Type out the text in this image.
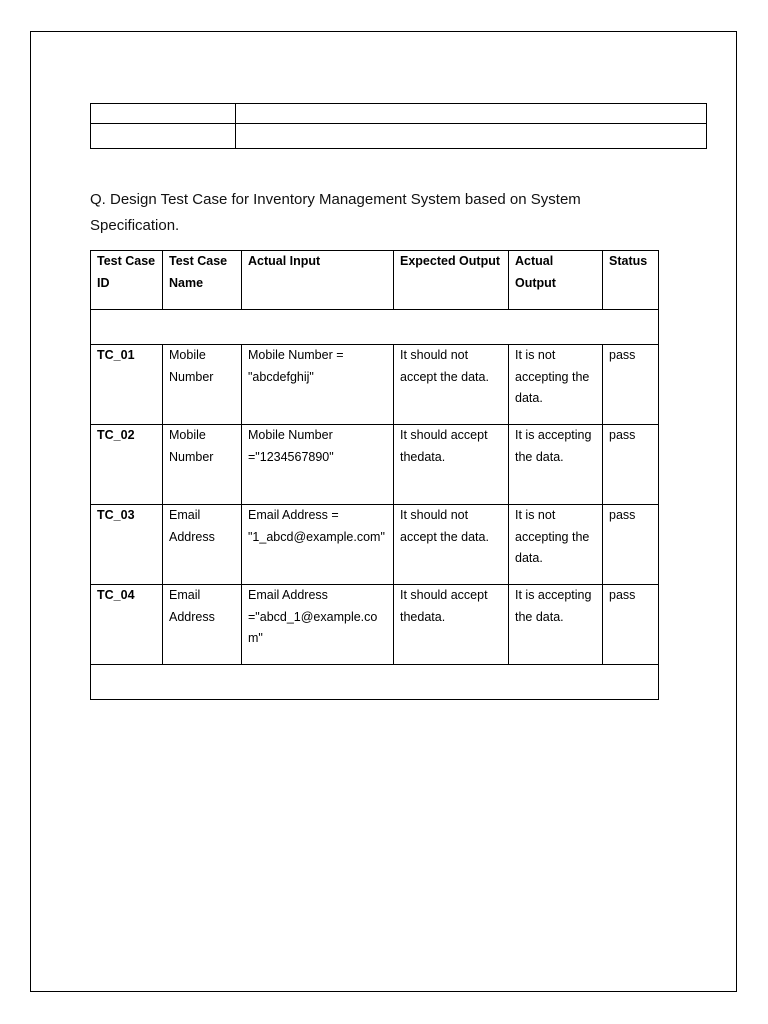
Q. Design Test Case for Inventory Management System based on System Specification.
Test Case ID	Test Case Name	Actual Input	Expected Output	Actual Output	Status

TC_01	Mobile Number	Mobile Number = "abcdefghij"	It should not accept the data.	It is not accepting the data.	pass
TC_02	Mobile Number	Mobile Number ="1234567890"	It should accept thedata.	It is accepting the data.	pass
TC_03	Email Address	Email Address = "1_abcd@example.com"	It should not accept the data.	It is not accepting the data.	pass
TC_04	Email Address	Email Address ="abcd_1@example.com"	It should accept thedata.	It is accepting the data.	pass
